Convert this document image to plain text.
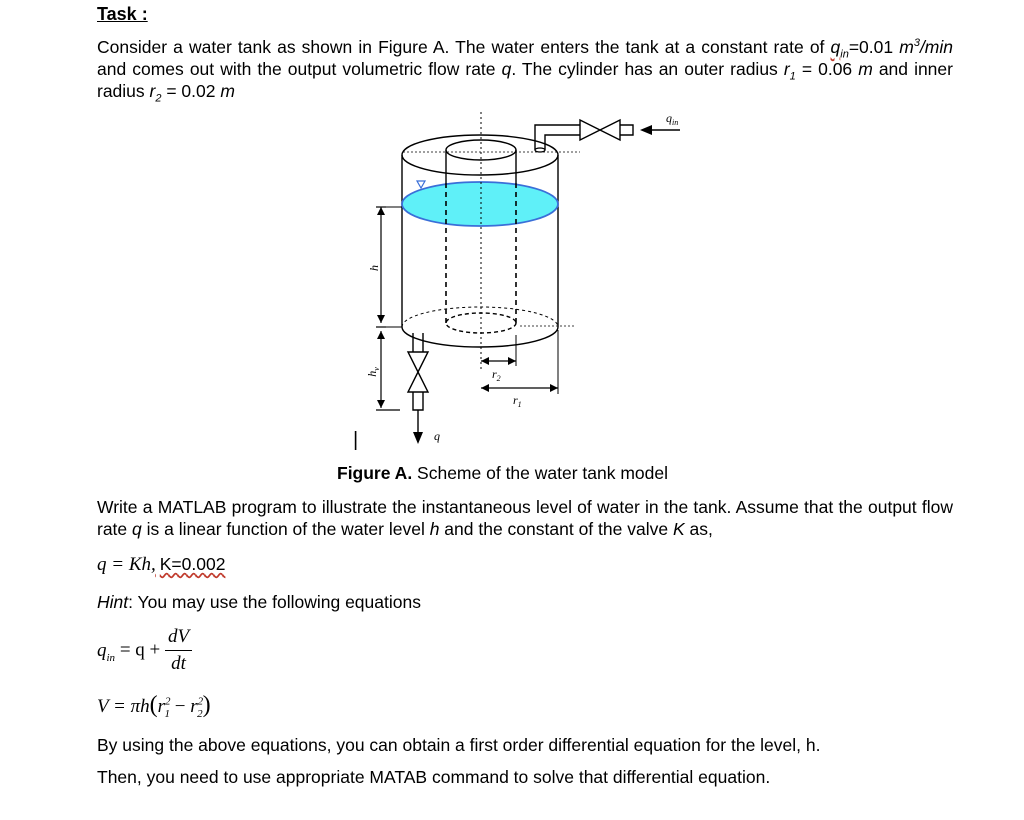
Task :
Consider a water tank as shown in Figure A. The water enters the tank at a constant rate of $q_{in}=0.01$ $m^3/\min$ and comes out with the output volumetric flow rate q. The cylinder has an outer radius $r_1 = 0.06$ m and inner radius $r_2 = 0.02$ m
$q_{in}$
h
$h_v$	$r_2$
$r_1$
q
|
Figure A. Scheme of the water tank model
Write a MATLAB program to illustrate the instantaneous level of water in the tank. Assume that the output flow rate q is a linear function of the water level h and the constant of the valve K as,
q = Kh, K=0.002
Hint: You may use the following equations
$q_{in} = q + \frac{dV}{dt}$
$V = \pi h(r^2_1 - r^2_2)$
By using the above equations, you can obtain a first order differential equation for the level, h.
Then, you need to use appropriate MATAB command to solve that differential equation.
